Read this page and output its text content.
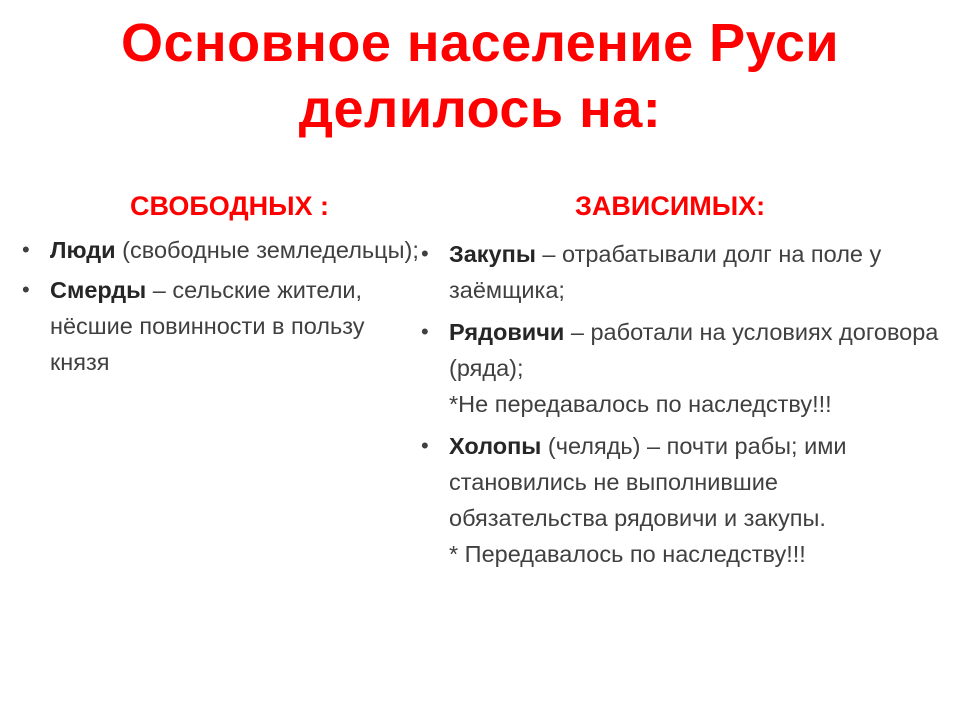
Основное население Руси
делилось на:
СВОБОДНЫХ :	ЗАВИСИМЫХ:
• Люди (свободные земледельцы);
• Смерды – сельские жители, нёсшие повинности в пользу князя
• Закупы – отрабатывали долг на поле у заёмщика;
• Рядовичи – работали на условиях договора (ряда);
*Не передавалось по наследству!!!
• Холопы (челядь) – почти рабы; ими становились не выполнившие обязательства рядовичи и закупы.
* Передавалось по наследству!!!
